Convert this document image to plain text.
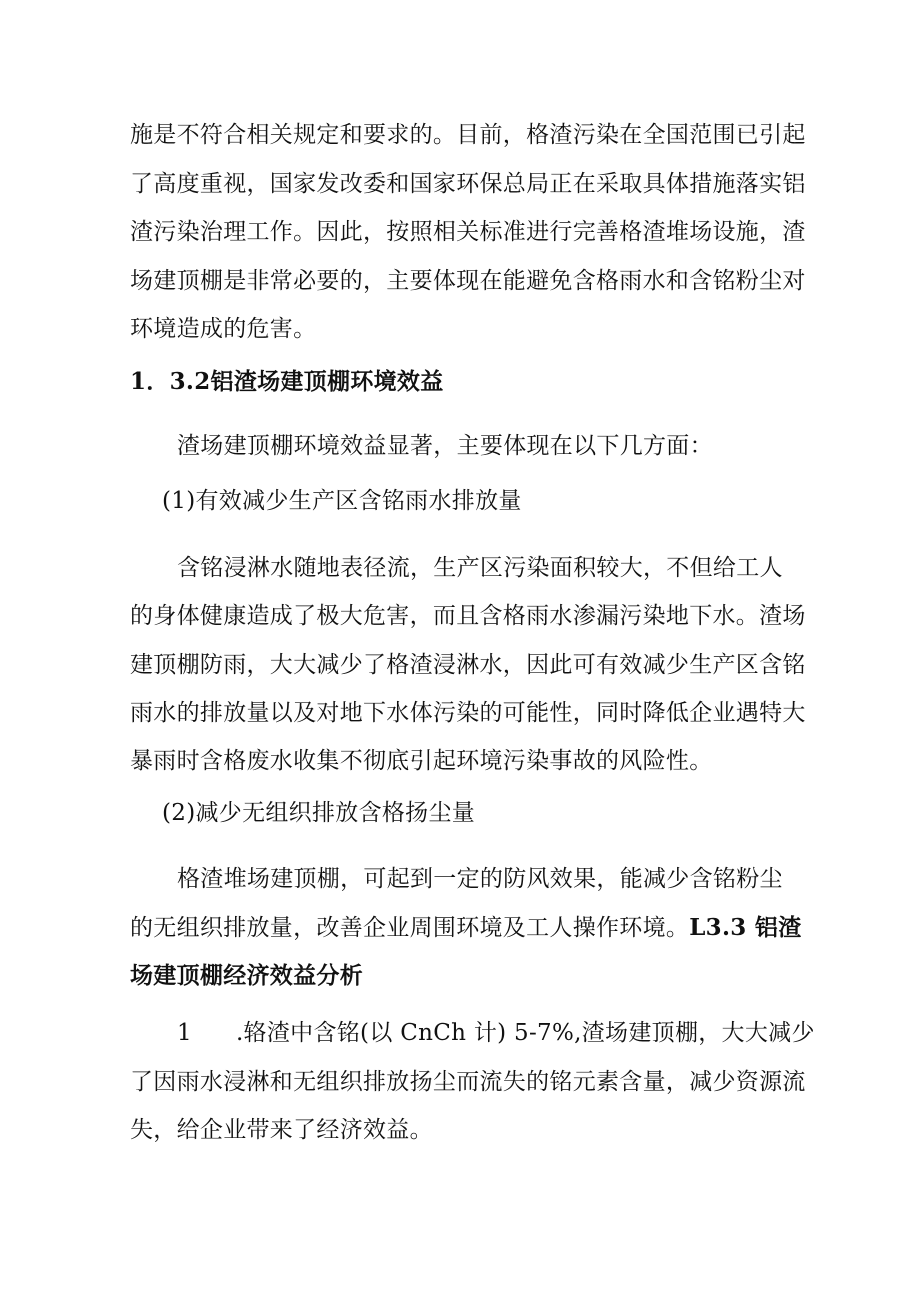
施是不符合相关规定和要求的。目前，格渣污染在全国范围已引起
了高度重视，国家发改委和国家环保总局正在采取具体措施落实铝
渣污染治理工作。因此，按照相关标准进行完善格渣堆场设施，渣
场建顶棚是非常必要的，主要体现在能避免含格雨水和含铭粉尘对
环境造成的危害。
1．3.2铝渣场建顶棚环境效益
渣场建顶棚环境效益显著，主要体现在以下几方面：
(1)有效减少生产区含铭雨水排放量
含铭浸淋水随地表径流，生产区污染面积较大，不但给工人
的身体健康造成了极大危害，而且含格雨水渗漏污染地下水。渣场
建顶棚防雨，大大减少了格渣浸淋水，因此可有效减少生产区含铭
雨水的排放量以及对地下水体污染的可能性，同时降低企业遇特大
暴雨时含格废水收集不彻底引起环境污染事故的风险性。
(2)减少无组织排放含格扬尘量
格渣堆场建顶棚，可起到一定的防风效果，能减少含铭粉尘
的无组织排放量，改善企业周围环境及工人操作环境。L3.3 铝渣
场建顶棚经济效益分析
1 .辂渣中含铭(以 CnCh 计) 5-7%,渣场建顶棚，大大减少
了因雨水浸淋和无组织排放扬尘而流失的铭元素含量，减少资源流
失，给企业带来了经济效益。
